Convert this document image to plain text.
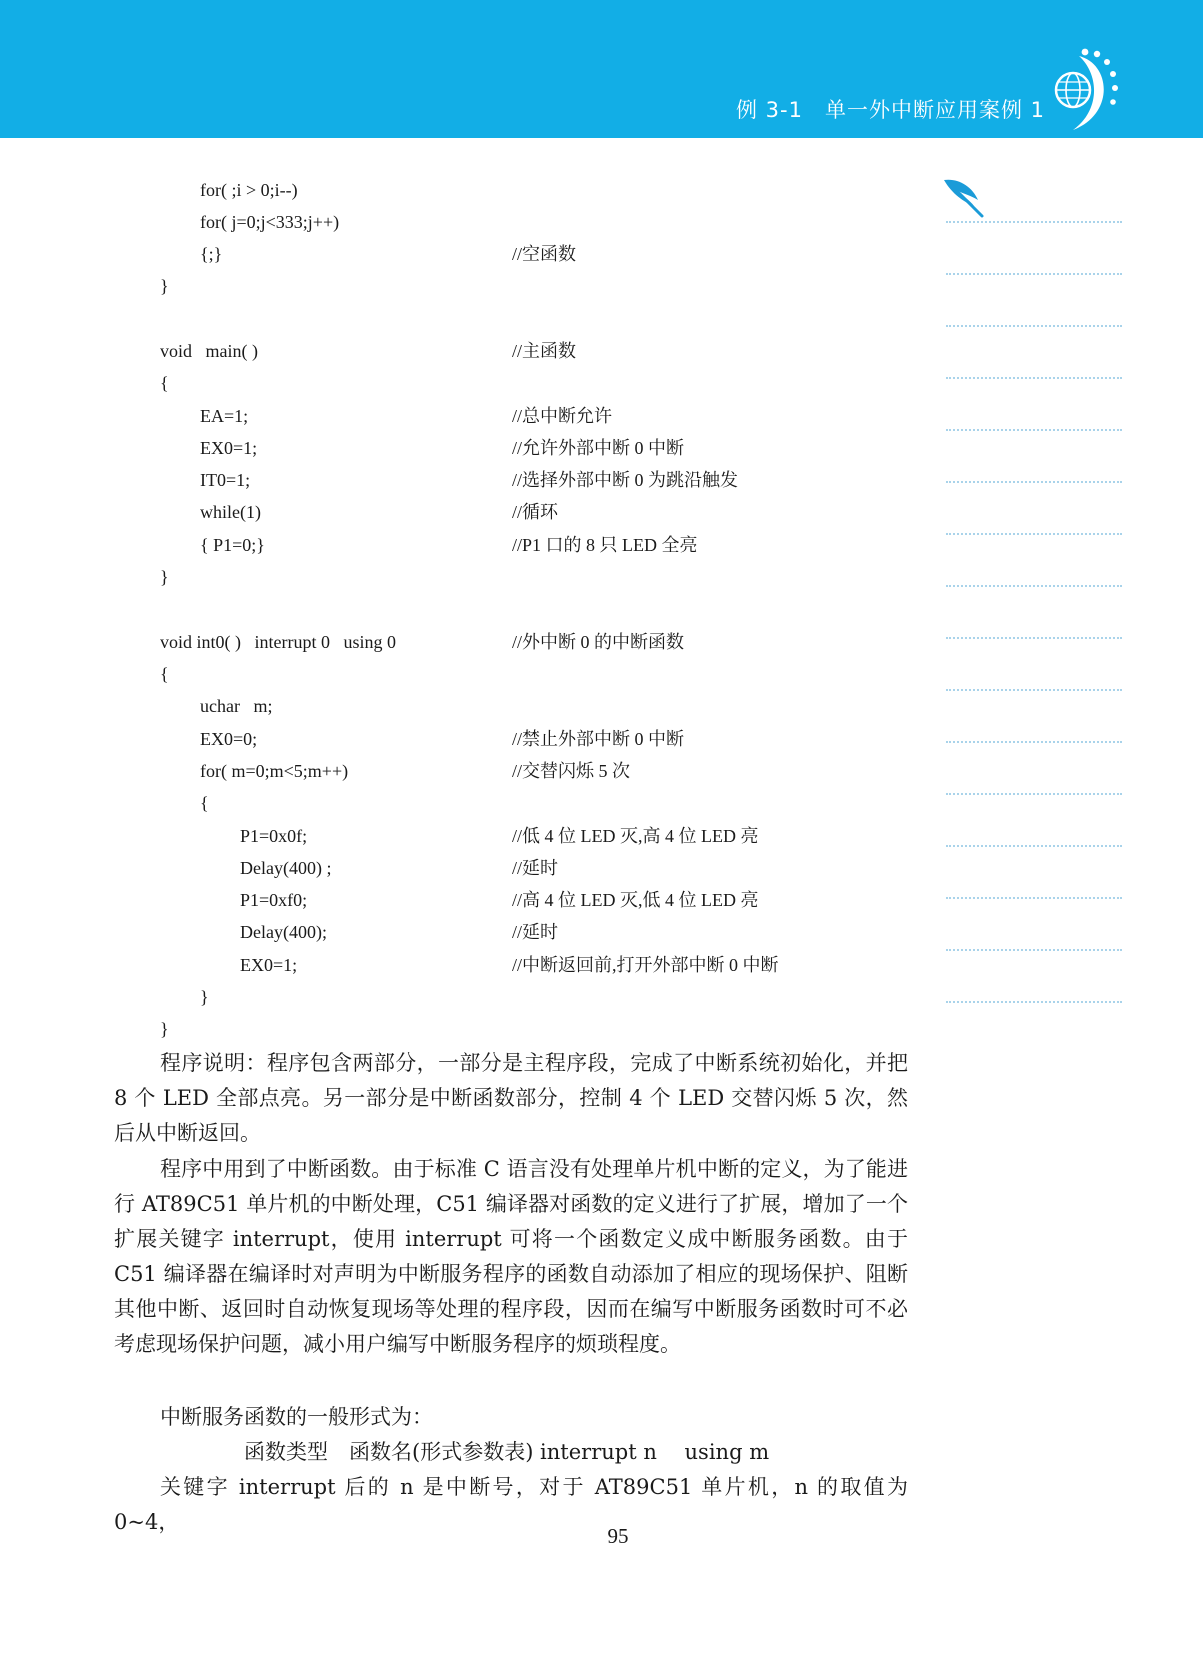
例 3-1　单一外中断应用案例 1
for( ;i > 0;i--)
for( j=0;j<333;j++)
{;}	//空函数
}
void   main( )	//主函数
{
EA=1;	//总中断允许
EX0=1;	//允许外部中断 0 中断
IT0=1;	//选择外部中断 0 为跳沿触发
while(1)	//循环
{ P1=0;}	//P1 口的 8 只 LED 全亮
}
void int0( )   interrupt 0   using 0	//外中断 0 的中断函数
{
uchar   m;
EX0=0;	//禁止外部中断 0 中断
for( m=0;m<5;m++)	//交替闪烁 5 次
{
P1=0x0f;	//低 4 位 LED 灭,高 4 位 LED 亮
Delay(400) ;	//延时
P1=0xf0;	//高 4 位 LED 灭,低 4 位 LED 亮
Delay(400);	//延时
EX0=1;	//中断返回前,打开外部中断 0 中断
}
}
程序说明：程序包含两部分，一部分是主程序段，完成了中断系统初始化，并把 8 个 LED 全部点亮。另一部分是中断函数部分，控制 4 个 LED 交替闪烁 5 次，然后从中断返回。
程序中用到了中断函数。由于标准 C 语言没有处理单片机中断的定义，为了能进行 AT89C51 单片机的中断处理，C51 编译器对函数的定义进行了扩展，增加了一个扩展关键字 interrupt，使用 interrupt 可将一个函数定义成中断服务函数。由于 C51 编译器在编译时对声明为中断服务程序的函数自动添加了相应的现场保护、阻断其他中断、返回时自动恢复现场等处理的程序段，因而在编写中断服务函数时可不必考虑现场保护问题，减小用户编写中断服务程序的烦琐程度。
中断服务函数的一般形式为：
函数类型　函数名(形式参数表) interrupt n　 using m
关键字 interrupt 后的 n 是中断号，对于 AT89C51 单片机，n 的取值为 0~4，
95
